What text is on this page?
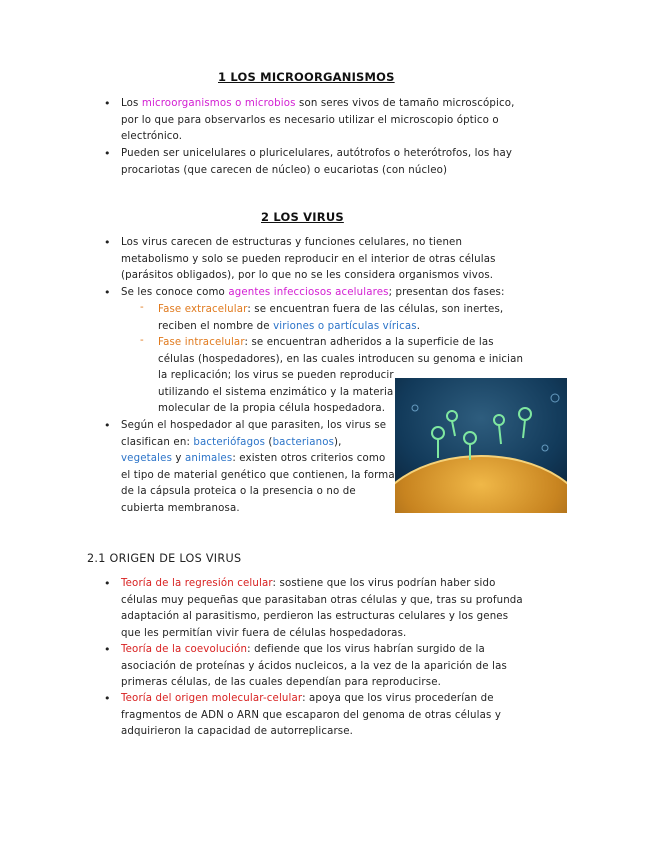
1 LOS MICROORGANISMOS
• Los microorganismos o microbios son seres vivos de tamaño microscópico,
por lo que para observarlos es necesario utilizar el microscopio óptico o
electrónico.
• Pueden ser unicelulares o pluricelulares, autótrofos o heterótrofos, los hay
procariotas (que carecen de núcleo) o eucariotas (con núcleo)
2 LOS VIRUS
• Los virus carecen de estructuras y funciones celulares, no tienen
metabolismo y solo se pueden reproducir en el interior de otras células
(parásitos obligados), por lo que no se les considera organismos vivos.
• Se les conoce como agentes infecciosos acelulares; presentan dos fases:
- Fase extracelular: se encuentran fuera de las células, son inertes,
reciben el nombre de viriones o partículas víricas.
- Fase intracelular: se encuentran adheridos a la superficie de las
células (hospedadores), en las cuales introducen su genoma e inician
la replicación; los virus se pueden reproducir
utilizando el sistema enzimático y la materia
molecular de la propia célula hospedadora.
• Según el hospedador al que parasiten, los virus se
clasifican en: bacteriófagos (bacterianos),
vegetales y animales: existen otros criterios como
el tipo de material genético que contienen, la forma
de la cápsula proteica o la presencia o no de
cubierta membranosa.
2.1 ORIGEN DE LOS VIRUS
• Teoría de la regresión celular: sostiene que los virus podrían haber sido
células muy pequeñas que parasitaban otras células y que, tras su profunda
adaptación al parasitismo, perdieron las estructuras celulares y los genes
que les permitían vivir fuera de células hospedadoras.
• Teoría de la coevolución: defiende que los virus habrían surgido de la
asociación de proteínas y ácidos nucleicos, a la vez de la aparición de las
primeras células, de las cuales dependían para reproducirse.
• Teoría del origen molecular-celular: apoya que los virus procederían de
fragmentos de ADN o ARN que escaparon del genoma de otras células y
adquirieron la capacidad de autorreplicarse.
